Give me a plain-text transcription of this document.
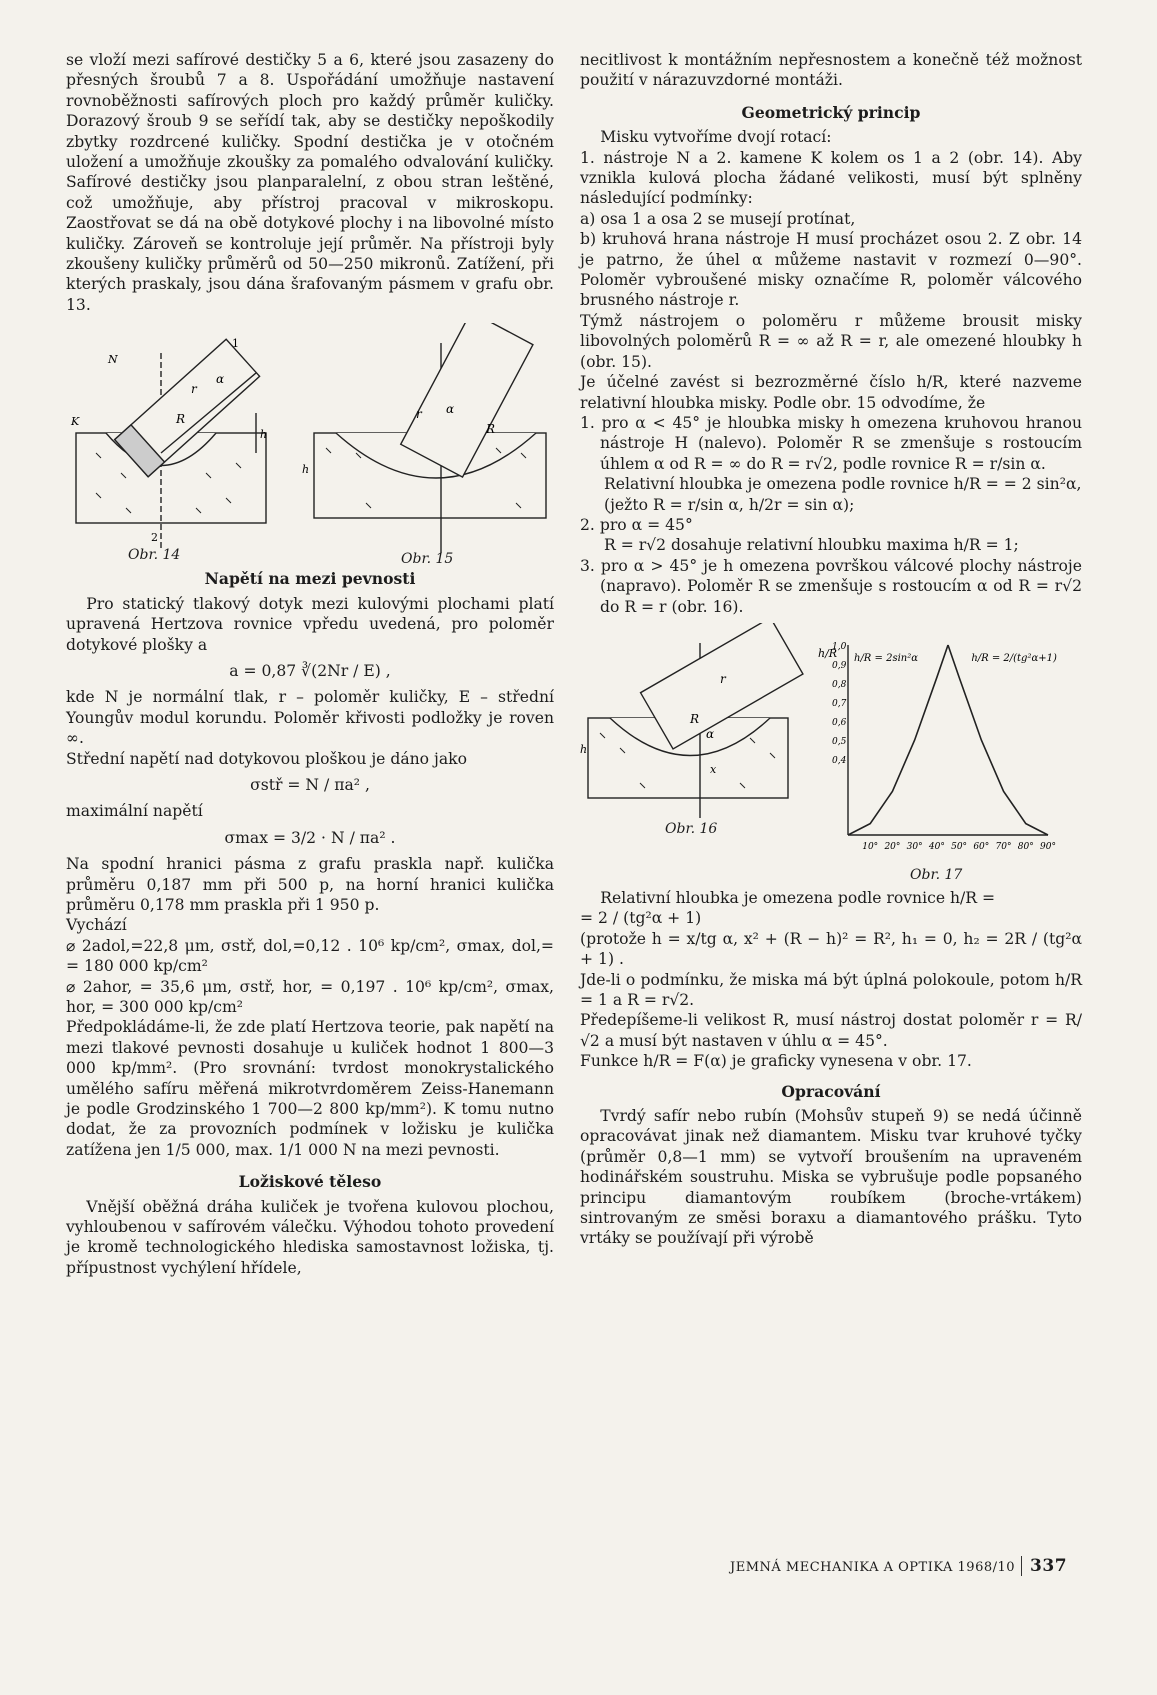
se vloží mezi safírové destičky 5 a 6, které jsou zasazeny do přesných šroubů 7 a 8. Uspořádání umožňuje nastavení rovnoběžnosti safírových ploch pro každý průměr kuličky. Dorazový šroub 9 se seřídí tak, aby se destičky nepoškodily zbytky rozdrcené kuličky. Spodní destička je v otočném uložení a umožňuje zkoušky za pomalého odvalování kuličky. Safírové destičky jsou planparalelní, z obou stran leštěné, což umožňuje, aby přístroj pracoval v mikroskopu. Zaostřovat se dá na obě dotykové plochy i na libovolné místo kuličky. Zároveň se kontroluje její průměr. Na přístroji byly zkoušeny kuličky průměrů od 50—250 mikronů. Zatížení, při kterých praskaly, jsou dána šrafovaným pásmem v grafu obr. 13.

N
K
r
R
α
h
1
2
h
r
R
α
Obr. 14	Obr. 15

Napětí na mezi pevnosti

Pro statický tlakový dotyk mezi kulovými plochami platí upravená Hertzova rovnice vpředu uvedená, pro poloměr dotykové plošky a

a = 0,87 ∛(2Nr / E) ,

kde N je normální tlak, r – poloměr kuličky, E – střední Youngův modul korundu. Poloměr křivosti podložky je roven ∞.

Střední napětí nad dotykovou ploškou je dáno jako

σstř = N / πa² ,

maximální napětí

σmax = 3/2 · N / πa² .

Na spodní hranici pásma z grafu praskla např. kulička průměru 0,187 mm při 500 p, na horní hranici kulička průměru 0,178 mm praskla při 1 950 p.

Vychází

⌀ 2adol,=22,8 μm, σstř, dol,=0,12 . 10⁶ kp/cm², σmax, dol,= = 180 000 kp/cm²

⌀ 2ahor, = 35,6 μm, σstř, hor, = 0,197 . 10⁶ kp/cm², σmax, hor, = 300 000 kp/cm²

Předpokládáme-li, že zde platí Hertzova teorie, pak napětí na mezi tlakové pevnosti dosahuje u kuliček hodnot 1 800—3 000 kp/mm². (Pro srovnání: tvrdost monokrystalického umělého safíru měřená mikrotvrdoměrem Zeiss-Hanemann je podle Grodzinského 1 700—2 800 kp/mm²). K tomu nutno dodat, že za provozních podmínek v ložisku je kulička zatížena jen 1/5 000, max. 1/1 000 N na mezi pevnosti.

Ložiskové těleso

Vnější oběžná dráha kuliček je tvořena kulovou plochou, vyhloubenou v safírovém válečku. Výhodou tohoto provedení je kromě technologického hlediska samostavnost ložiska, tj. přípustnost vychýlení hřídele,

necitlivost k montážním nepřesnostem a konečně též možnost použití v nárazuvzdorné montáži.

Geometrický princip

Misku vytvoříme dvojí rotací:

1. nástroje N a 2. kamene K kolem os 1 a 2 (obr. 14). Aby vznikla kulová plocha žádané velikosti, musí být splněny následující podmínky:

a) osa 1 a osa 2 se musejí protínat,

b) kruhová hrana nástroje H musí procházet osou 2. Z obr. 14 je patrno, že úhel α můžeme nastavit v rozmezí 0—90°. Poloměr vybroušené misky označíme R, poloměr válcového brusného nástroje r.

Týmž nástrojem o poloměru r můžeme brousit misky libovolných poloměrů R = ∞ až R = r, ale omezené hloubky h (obr. 15).

Je účelné zavést si bezrozměrné číslo h/R, které nazveme relativní hloubka misky. Podle obr. 15 odvodíme, že

1. pro α < 45° je hloubka misky h omezena kruhovou hranou nástroje H (nalevo). Poloměr R se zmenšuje s rostoucím úhlem α od R = ∞ do R = r√2, podle rovnice R = r/sin α.

Relativní hloubka je omezena podle rovnice h/R = = 2 sin²α,

(ježto R = r/sin α, h/2r = sin α);

2. pro α = 45°

R = r√2 dosahuje relativní hloubku maxima h/R = 1;

3. pro α > 45° je h omezena površkou válcové plochy nástroje (napravo). Poloměr R se zmenšuje s rostoucím α od R = r√2 do R = r (obr. 16).

h
r
R
α
x
h/R
1,0
0,9
0,8
0,7
0,6
0,5
0,4
10° 20° 30° 40° 50° 60° 70° 80° 90°
h/R = 2sin²α	h/R = 2/(tg²α+1)
Obr. 16
Obr. 17

Relativní hloubka je omezena podle rovnice h/R =

= 2 / (tg²α + 1)

(protože h = x/tg α, x² + (R − h)² = R², h₁ = 0, h₂ = 2R / (tg²α + 1) .

Jde-li o podmínku, že miska má být úplná polokoule, potom h/R = 1 a R = r√2.

Předepíšeme-li velikost R, musí nástroj dostat poloměr r = R/√2 a musí být nastaven v úhlu α = 45°.

Funkce h/R = F(α) je graficky vynesena v obr. 17.

Opracování

Tvrdý safír nebo rubín (Mohsův stupeň 9) se nedá účinně opracovávat jinak než diamantem. Misku tvar kruhové tyčky (průměr 0,8—1 mm) se vytvoří broušením na upraveném hodinářském soustruhu. Miska se vybrušuje podle popsaného principu diamantovým roubíkem (broche-vrtákem) sintrovaným ze směsi boraxu a diamantového prášku. Tyto vrtáky se používají při výrobě

JEMNÁ MECHANIKA A OPTIKA 1968/10 337
